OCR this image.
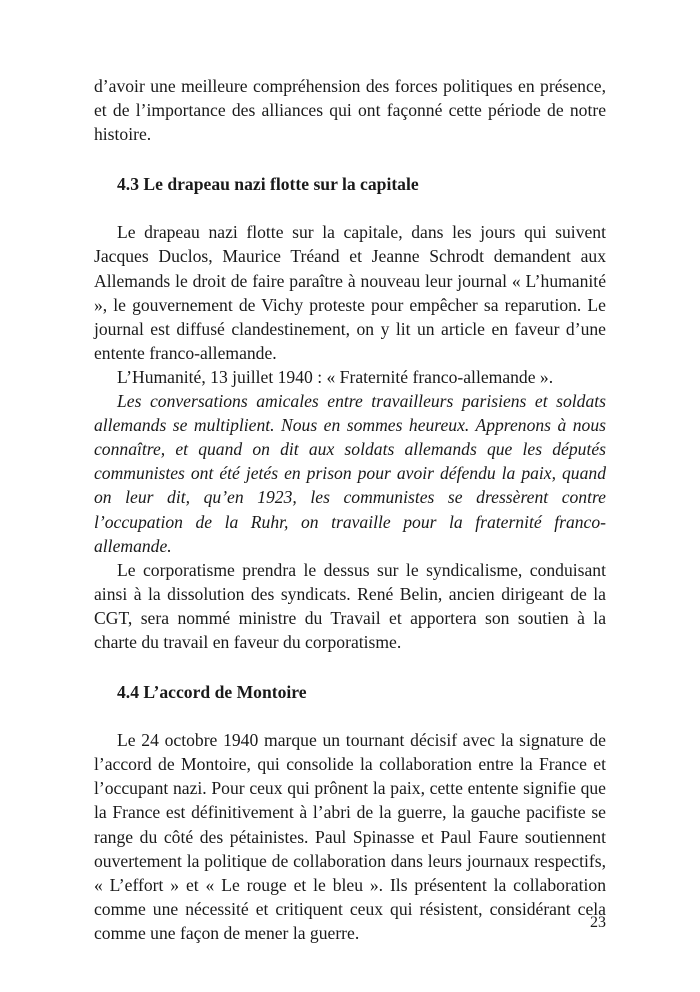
d’avoir une meilleure compréhension des forces politiques en présence, et de l’importance des alliances qui ont façonné cette période de notre histoire.

4.3 Le drapeau nazi flotte sur la capitale

Le drapeau nazi flotte sur la capitale, dans les jours qui suivent Jacques Duclos, Maurice Tréand et Jeanne Schrodt demandent aux Allemands le droit de faire paraître à nouveau leur journal « L’humanité », le gouvernement de Vichy proteste pour empêcher sa reparution. Le journal est diffusé clandestinement, on y lit un article en faveur d’une entente franco-allemande.

L’Humanité, 13 juillet 1940 : « Fraternité franco-allemande ».

Les conversations amicales entre travailleurs parisiens et soldats allemands se multiplient. Nous en sommes heureux. Apprenons à nous connaître, et quand on dit aux soldats allemands que les députés communistes ont été jetés en prison pour avoir défendu la paix, quand on leur dit, qu’en 1923, les communistes se dressèrent contre l’occupation de la Ruhr, on travaille pour la fraternité franco-allemande.

Le corporatisme prendra le dessus sur le syndicalisme, conduisant ainsi à la dissolution des syndicats. René Belin, ancien dirigeant de la CGT, sera nommé ministre du Travail et apportera son soutien à la charte du travail en faveur du corporatisme.

4.4 L’accord de Montoire

Le 24 octobre 1940 marque un tournant décisif avec la signature de l’accord de Montoire, qui consolide la collaboration entre la France et l’occupant nazi. Pour ceux qui prônent la paix, cette entente signifie que la France est définitivement à l’abri de la guerre, la gauche pacifiste se range du côté des pétainistes. Paul Spinasse et Paul Faure soutiennent ouvertement la politique de collaboration dans leurs journaux respectifs, « L’effort » et « Le rouge et le bleu ». Ils présentent la collaboration comme une nécessité et critiquent ceux qui résistent, considérant cela comme une façon de mener la guerre.

23
